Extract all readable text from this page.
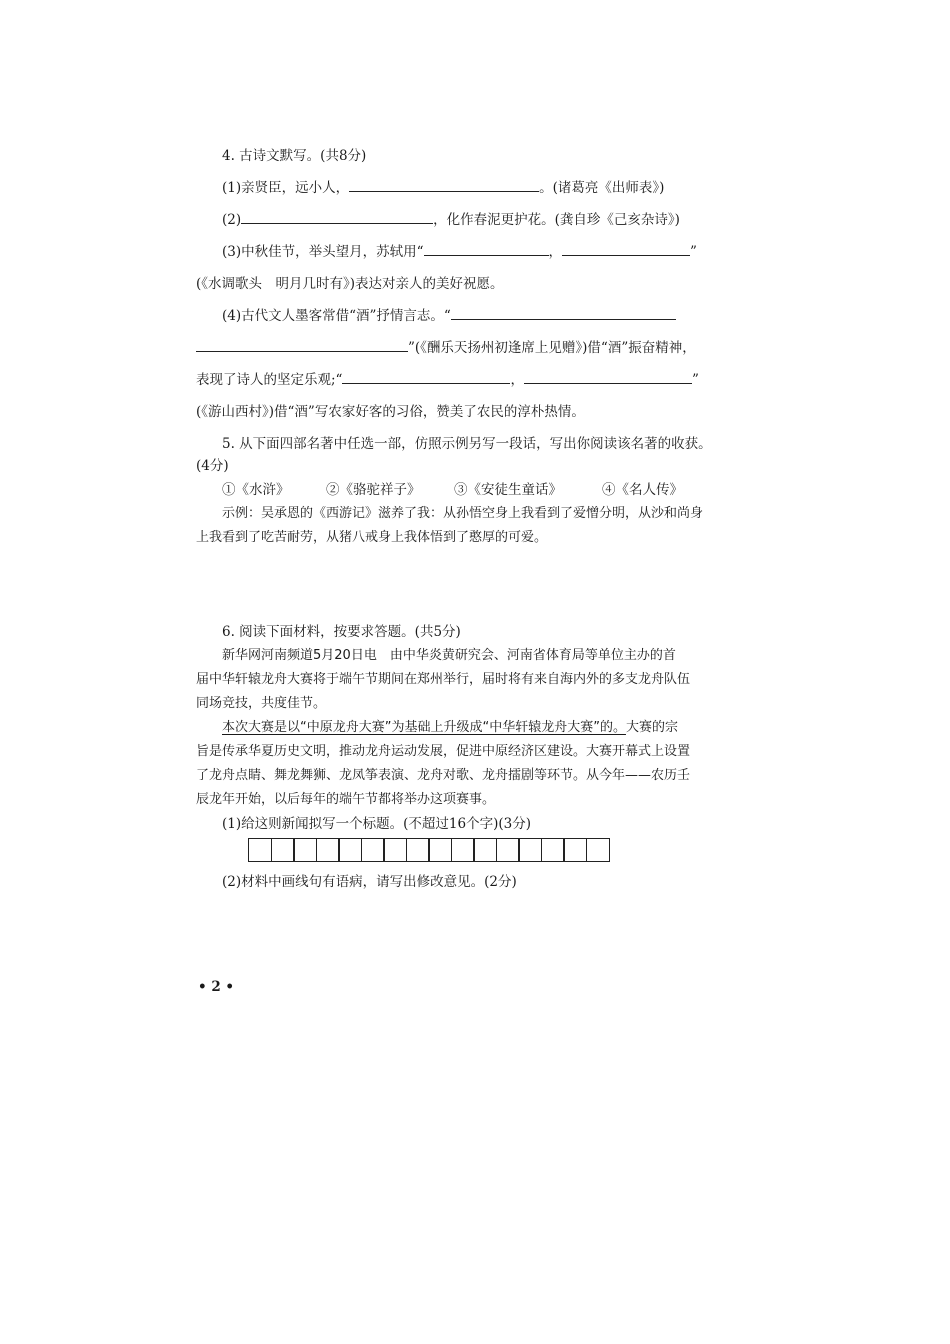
4. 古诗文默写。(共8分)
(1)亲贤臣，远小人，	。(诸葛亮《出师表》)
(2)	，化作春泥更护花。(龚自珍《己亥杂诗》)
(3)中秋佳节，举头望月，苏轼用“	，	”
(《水调歌头　明月几时有》)表达对亲人的美好祝愿。
(4)古代文人墨客常借“酒”抒情言志。“
”(《酬乐天扬州初逢席上见赠》)借“酒”振奋精神，
表现了诗人的坚定乐观;“	，	”
(《游山西村》)借“酒”写农家好客的习俗，赞美了农民的淳朴热情。
5. 从下面四部名著中任选一部，仿照示例另写一段话，写出你阅读该名著的收获。
(4分)
①《水浒》	②《骆驼祥子》 ③《安徒生童话》	④《名人传》
示例：吴承恩的《西游记》滋养了我：从孙悟空身上我看到了爱憎分明，从沙和尚身
上我看到了吃苦耐劳，从猪八戒身上我体悟到了憨厚的可爱。
6. 阅读下面材料，按要求答题。(共5分)
新华网河南频道5月20日电　由中华炎黄研究会、河南省体育局等单位主办的首
届中华轩辕龙舟大赛将于端午节期间在郑州举行，届时将有来自海内外的多支龙舟队伍
同场竞技，共度佳节。
本次大赛是以“中原龙舟大赛”为基础上升级成“中华轩辕龙舟大赛”的。大赛的宗
旨是传承华夏历史文明，推动龙舟运动发展，促进中原经济区建设。大赛开幕式上设置
了龙舟点睛、舞龙舞狮、龙凤筝表演、龙舟对歌、龙舟擂剧等环节。从今年——农历壬
辰龙年开始，以后每年的端午节都将举办这项赛事。
(1)给这则新闻拟写一个标题。(不超过16个字)(3分)
(2)材料中画线句有语病，请写出修改意见。(2分)
• 2 •
